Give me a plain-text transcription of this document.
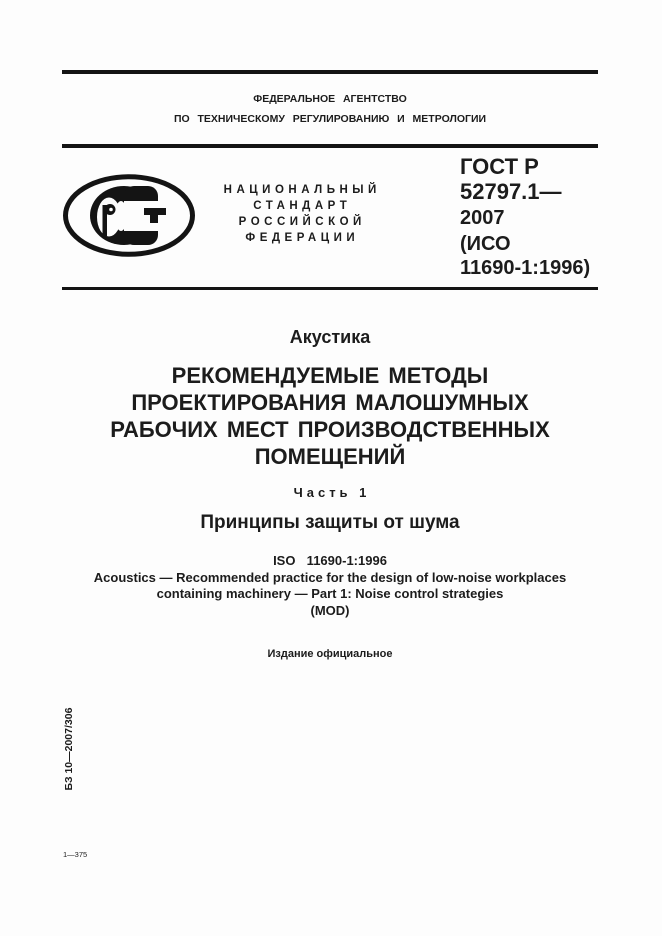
ФЕДЕРАЛЬНОЕ  АГЕНТСТВО
ПО  ТЕХНИЧЕСКОМУ  РЕГУЛИРОВАНИЮ  И  МЕТРОЛОГИИ
НАЦИОНАЛЬНЫЙ
СТАНДАРТ
РОССИЙСКОЙ
ФЕДЕРАЦИИ
ГОСТ Р
52797.1—
2007
(ИСО
11690-1:1996)
Акустика
РЕКОМЕНДУЕМЫЕ МЕТОДЫ
ПРОЕКТИРОВАНИЯ МАЛОШУМНЫХ
РАБОЧИХ МЕСТ ПРОИЗВОДСТВЕННЫХ
ПОМЕЩЕНИЙ
Часть 1
Принципы защиты от шума
ISO  11690-1:1996
Acoustics — Recommended practice for the design of low-noise workplaces
containing machinery — Part 1: Noise control strategies
(MOD)
Издание официальное
БЗ 10—2007/306
1—375
